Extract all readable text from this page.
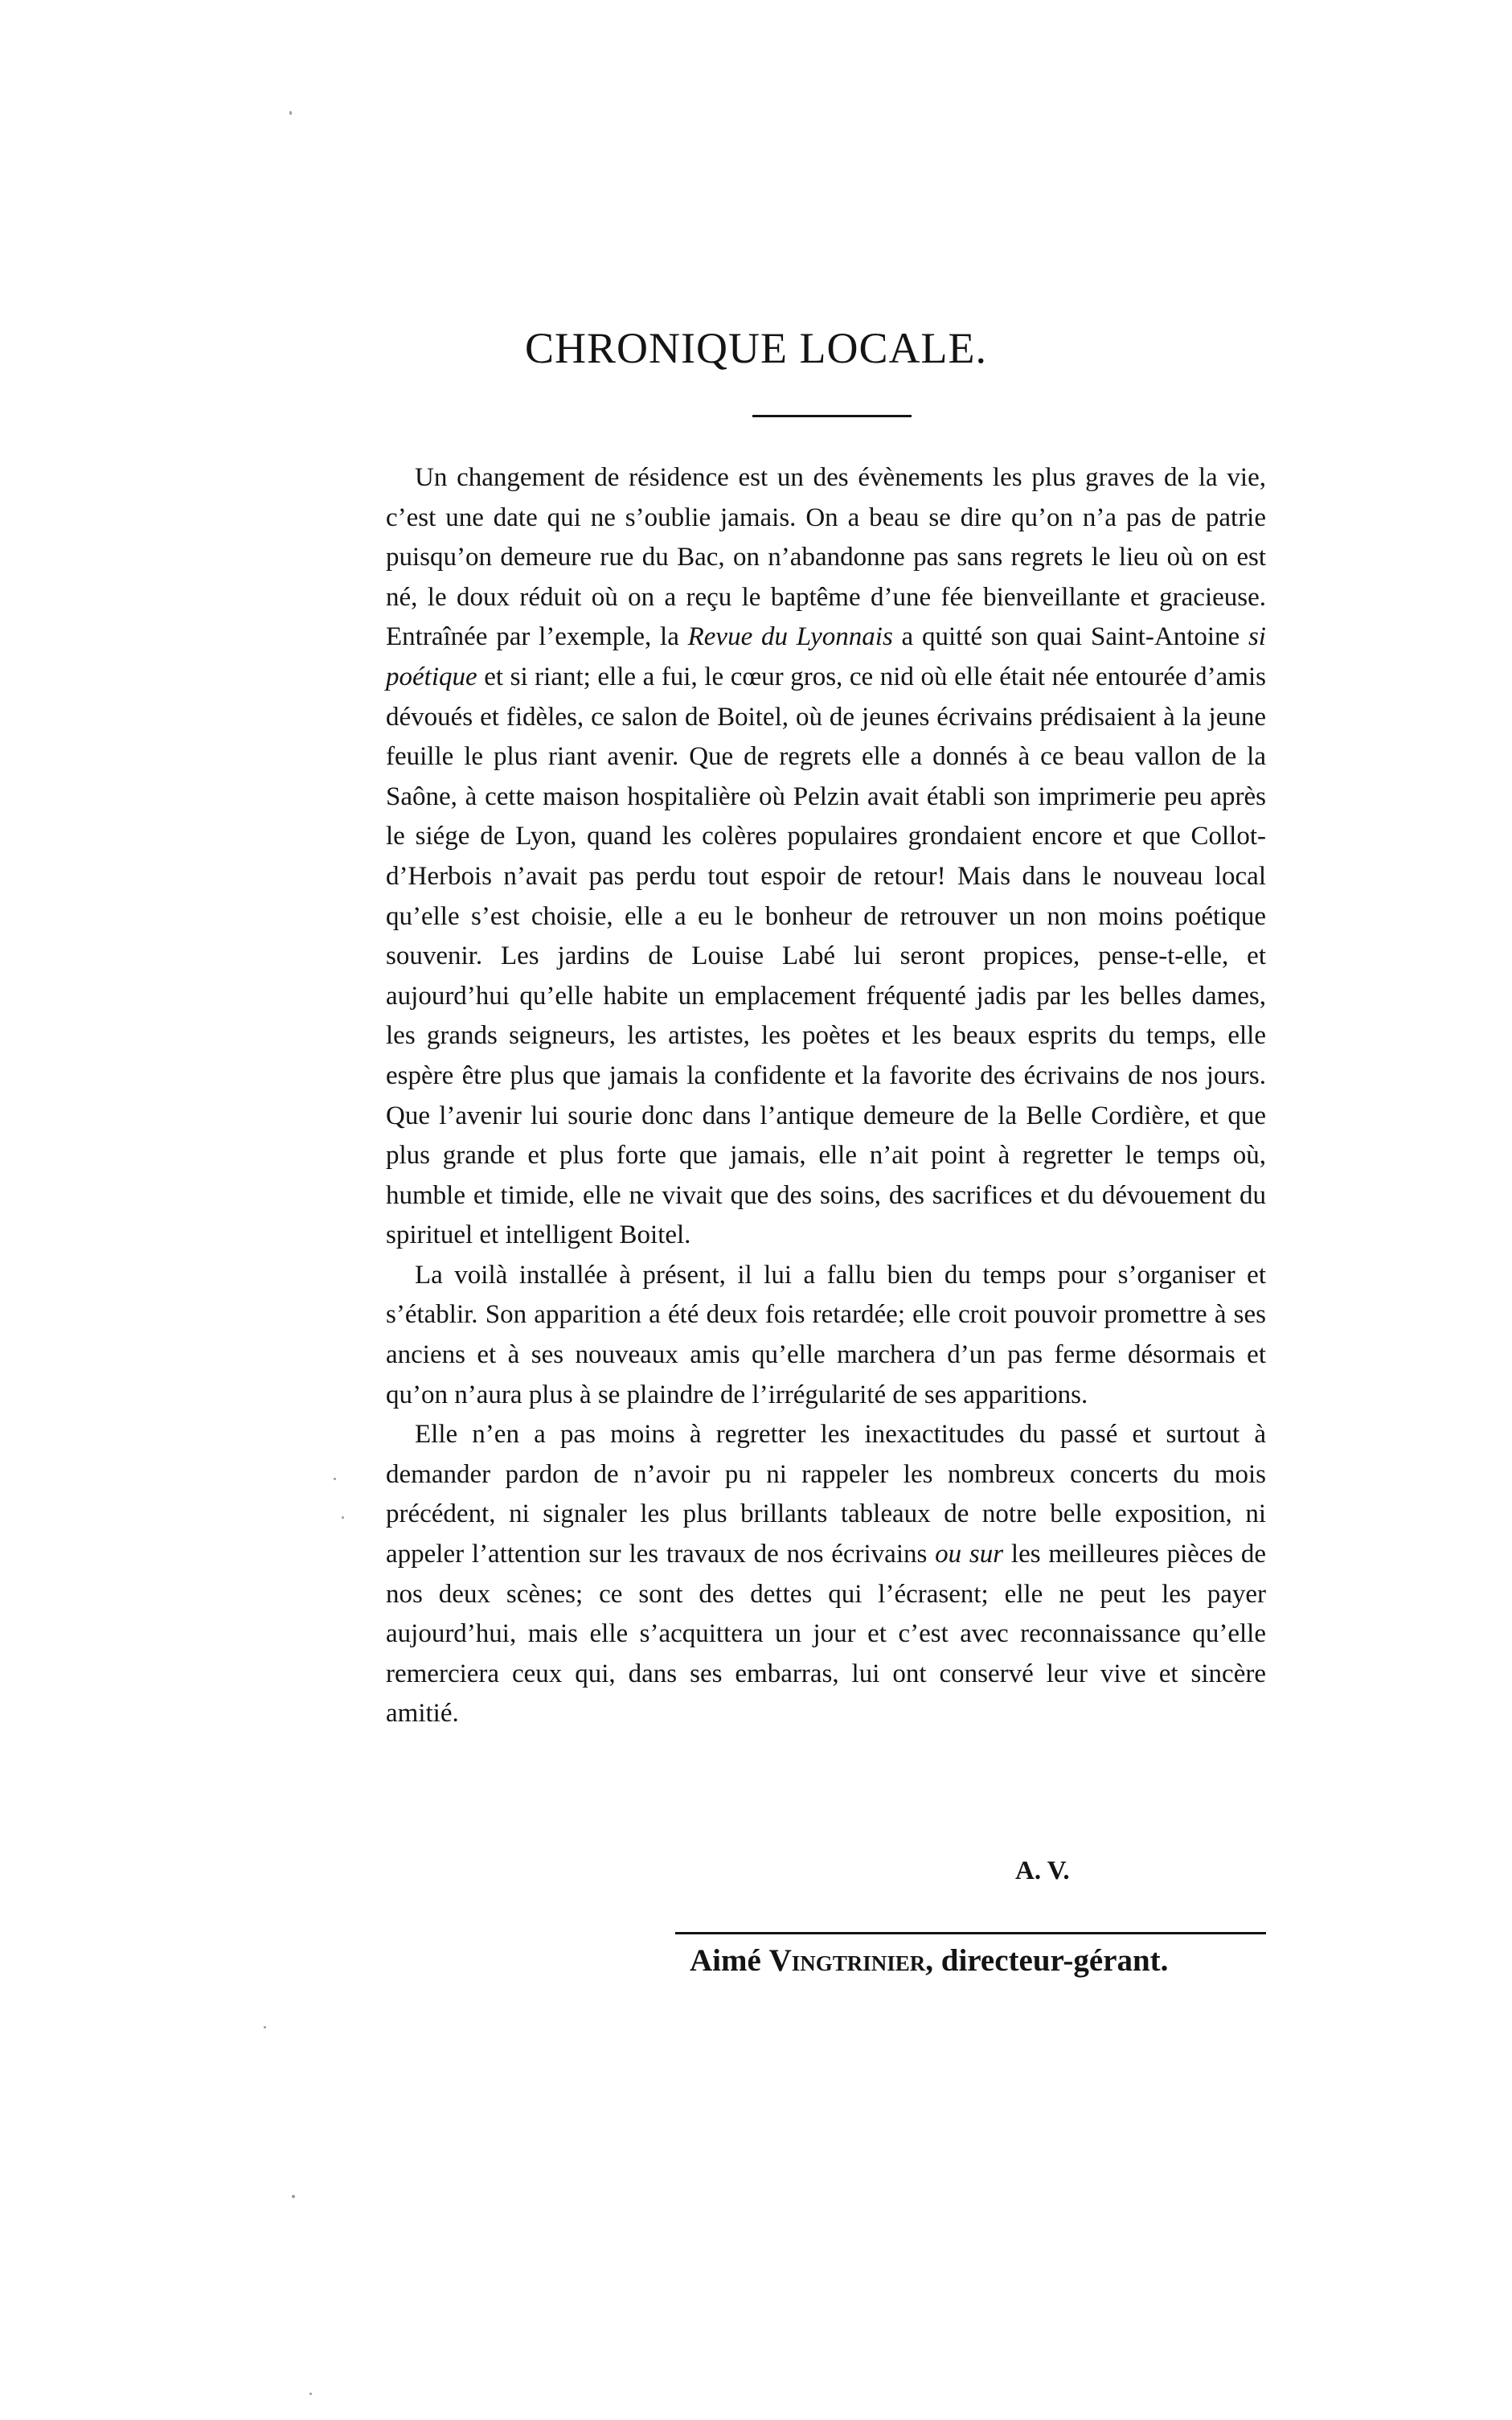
CHRONIQUE LOCALE.

Un changement de résidence est un des évènements les plus graves de la vie, c’est une date qui ne s’oublie jamais. On a beau se dire qu’on n’a pas de patrie puisqu’on demeure rue du Bac, on n’abandonne pas sans regrets le lieu où on est né, le doux réduit où on a reçu le baptême d’une fée bienveillante et gracieuse. Entraînée par l’exemple, la Revue du Lyonnais a quitté son quai Saint-Antoine si poétique et si riant; elle a fui, le cœur gros, ce nid où elle était née entourée d’amis dévoués et fidèles, ce salon de Boitel, où de jeunes écrivains prédisaient à la jeune feuille le plus riant avenir. Que de regrets elle a donnés à ce beau vallon de la Saône, à cette maison hospitalière où Pelzin avait établi son imprimerie peu après le siége de Lyon, quand les colères populaires grondaient encore et que Collot-d’Herbois n’avait pas perdu tout espoir de retour! Mais dans le nouveau local qu’elle s’est choisie, elle a eu le bonheur de retrouver un non moins poétique souvenir. Les jardins de Louise Labé lui seront propices, pense-t-elle, et aujourd’hui qu’elle habite un emplacement fréquenté jadis par les belles dames, les grands seigneurs, les artistes, les poètes et les beaux esprits du temps, elle espère être plus que jamais la confidente et la favorite des écrivains de nos jours. Que l’avenir lui sourie donc dans l’antique demeure de la Belle Cordière, et que plus grande et plus forte que jamais, elle n’ait point à regretter le temps où, humble et timide, elle ne vivait que des soins, des sacrifices et du dévouement du spirituel et intelligent Boitel.

La voilà installée à présent, il lui a fallu bien du temps pour s’organiser et s’établir. Son apparition a été deux fois retardée; elle croit pouvoir promettre à ses anciens et à ses nouveaux amis qu’elle marchera d’un pas ferme désormais et qu’on n’aura plus à se plaindre de l’irrégularité de ses apparitions.

Elle n’en a pas moins à regretter les inexactitudes du passé et surtout à demander pardon de n’avoir pu ni rappeler les nombreux concerts du mois précédent, ni signaler les plus brillants tableaux de notre belle exposition, ni appeler l’attention sur les travaux de nos écrivains ou sur les meilleures pièces de nos deux scènes; ce sont des dettes qui l’écrasent; elle ne peut les payer aujourd’hui, mais elle s’acquittera un jour et c’est avec reconnaissance qu’elle remerciera ceux qui, dans ses embarras, lui ont conservé leur vive et sincère amitié.

A. V.
Aimé Vingtrinier, directeur-gérant.
